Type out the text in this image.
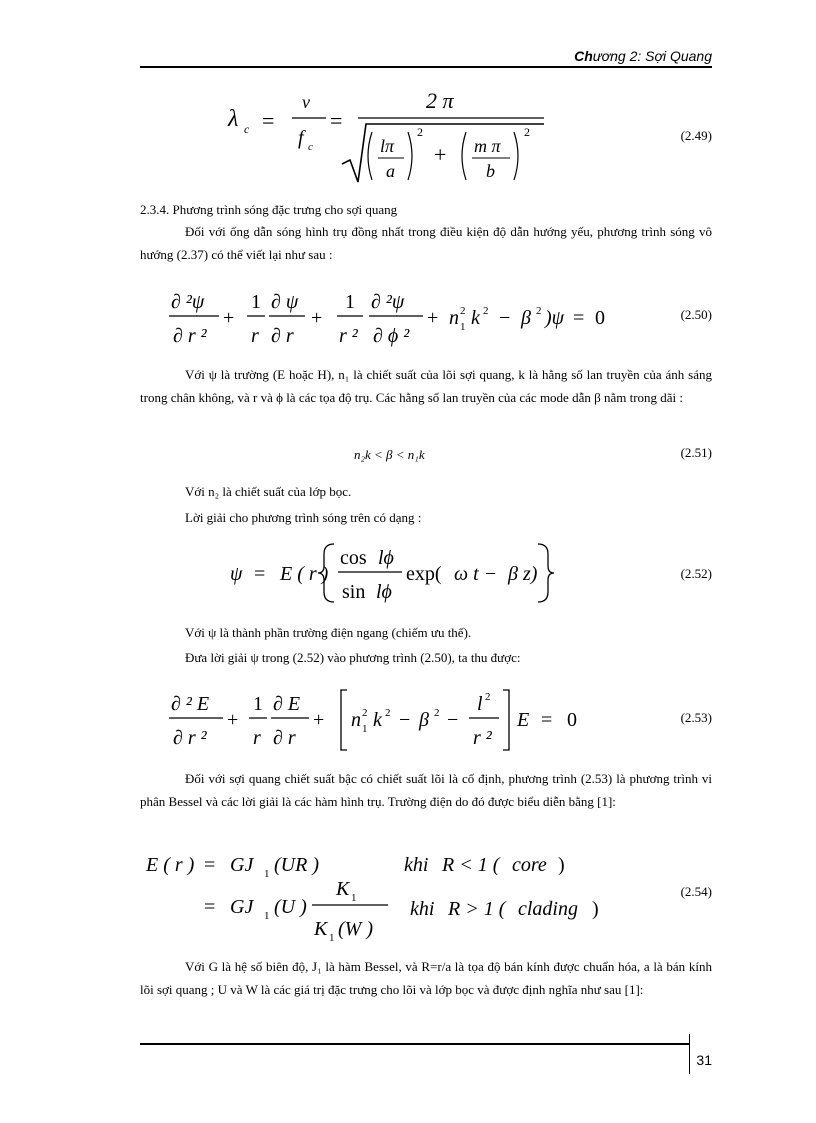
Chương 2: Sợi Quang
λ c =
v
f c
=
2 π
lπ
a
2
+ m π
b
2	(2.49)
2.3.4. Phương trình sóng đặc trưng cho sợi quang
Đối với ống dẫn sóng hình trụ đồng nhất trong điều kiện độ dẫn hướng yếu, phương trình sóng vô hướng (2.37) có thể viết lại như sau :
∂ ²ψ
∂ r ²
+
1
r
∂ ψ
∂ r
+
1
r ²
∂ ²ψ
∂ ϕ ²
+ n 1
2 k 2 − β 2 )ψ = 0	(2.50)
Với ψ là trường (E hoặc H), n₁ là chiết suất của lõi sợi quang, k là hằng số lan truyền của ánh sáng trong chân không, và r và ϕ là các tọa độ trụ. Các hằng số lan truyền của các mode dẫn β nằm trong dãi :
n₂k < β < n₁k	(2.51)
Với n₂ là chiết suất của lớp bọc.
Lời giải cho phương trình sóng trên có dạng :
ψ = E ( r )
cos lϕ
sin lϕ
exp( ω t − β z)	(2.52)
Với ψ là thành phần trường điện ngang (chiếm ưu thế).
Đưa lời giải ψ trong (2.52) vào phương trình (2.50), ta thu được:
∂ ² E
∂ r ²
+
1
r
∂ E
∂ r
+ n 1
2 k 2 − β 2 −
l 2
r ²
E = 0	(2.53)
Đối với sợi quang chiết suất bậc có chiết suất lõi là cố định, phương trình (2.53) là phương trình vi phân Bessel và các lời giải là các hàm hình trụ. Trường điện do đó được biểu diễn bằng [1]:
E ( r ) = GJ 1 (UR )	khi R < 1 ( core )
= GJ 1 (U )
K 1
K 1 (W )
khi R > 1 ( clading )
(2.54)
Với G là hệ số biên độ, J₁ là hàm Bessel, và R=r/a là tọa độ bán kính được chuẩn hóa, a là bán kính lõi sợi quang ; U và W là các giá trị đặc trưng cho lõi và lớp bọc và được định nghĩa như sau [1]:
31
